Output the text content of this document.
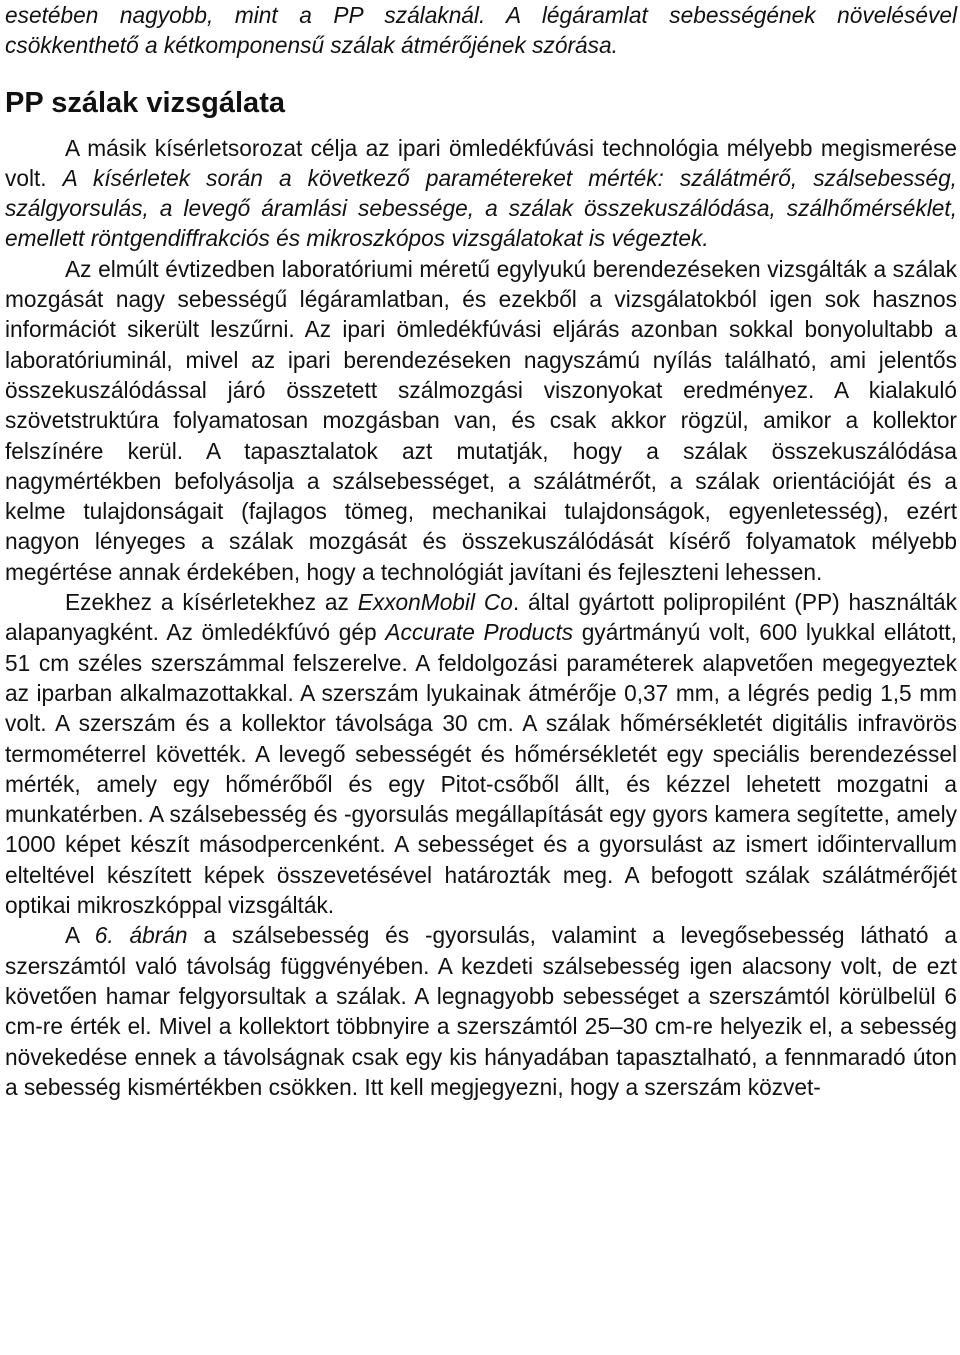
esetében nagyobb, mint a PP szálaknál. A légáramlat sebességének növelésével csökkenthető a kétkomponensű szálak átmérőjének szórása.

PP szálak vizsgálata

A másik kísérletsorozat célja az ipari ömledékfúvási technológia mélyebb megismerése volt. A kísérletek során a következő paramétereket mérték: szálátmérő, szálsebesség, szálgyorsulás, a levegő áramlási sebessége, a szálak összekuszálódása, szálhőmérséklet, emellett röntgendiffrakciós és mikroszkópos vizsgálatokat is végeztek.

Az elmúlt évtizedben laboratóriumi méretű egylyukú berendezéseken vizsgálták a szálak mozgását nagy sebességű légáramlatban, és ezekből a vizsgálatokból igen sok hasznos információt sikerült leszűrni. Az ipari ömledékfúvási eljárás azonban sokkal bonyolultabb a laboratóriuminál, mivel az ipari berendezéseken nagyszámú nyílás található, ami jelentős összekuszálódással járó összetett szálmozgási viszonyokat eredményez. A kialakuló szövetstruktúra folyamatosan mozgásban van, és csak akkor rögzül, amikor a kollektor felszínére kerül. A tapasztalatok azt mutatják, hogy a szálak összekuszálódása nagymértékben befolyásolja a szálsebességet, a szálátmérőt, a szálak orientációját és a kelme tulajdonságait (fajlagos tömeg, mechanikai tulajdonságok, egyenletesség), ezért nagyon lényeges a szálak mozgását és összekuszálódását kísérő folyamatok mélyebb megértése annak érdekében, hogy a technológiát javítani és fejleszteni lehessen.

Ezekhez a kísérletekhez az ExxonMobil Co. által gyártott polipropilént (PP) használták alapanyagként. Az ömledékfúvó gép Accurate Products gyártmányú volt, 600 lyukkal ellátott, 51 cm széles szerszámmal felszerelve. A feldolgozási paraméterek alapvetően megegyeztek az iparban alkalmazottakkal. A szerszám lyukainak átmérője 0,37 mm, a légrés pedig 1,5 mm volt. A szerszám és a kollektor távolsága 30 cm. A szálak hőmérsékletét digitális infravörös termométerrel követték. A levegő sebességét és hőmérsékletét egy speciális berendezéssel mérték, amely egy hőmérőből és egy Pitot-csőből állt, és kézzel lehetett mozgatni a munkatérben. A szálsebesség és -gyorsulás megállapítását egy gyors kamera segítette, amely 1000 képet készít másodpercenként. A sebességet és a gyorsulást az ismert időintervallum elteltével készített képek összevetésével határozták meg. A befogott szálak szálátmérőjét optikai mikroszkóppal vizsgálták.

A 6. ábrán a szálsebesség és -gyorsulás, valamint a levegősebesség látható a szerszámtól való távolság függvényében. A kezdeti szálsebesség igen alacsony volt, de ezt követően hamar felgyorsultak a szálak. A legnagyobb sebességet a szerszámtól körülbelül 6 cm-re érték el. Mivel a kollektort többnyire a szerszámtól 25–30 cm-re helyezik el, a sebesség növekedése ennek a távolságnak csak egy kis hányadában tapasztalható, a fennmaradó úton a sebesség kismértékben csökken. Itt kell megjegyezni, hogy a szerszám közvet-
